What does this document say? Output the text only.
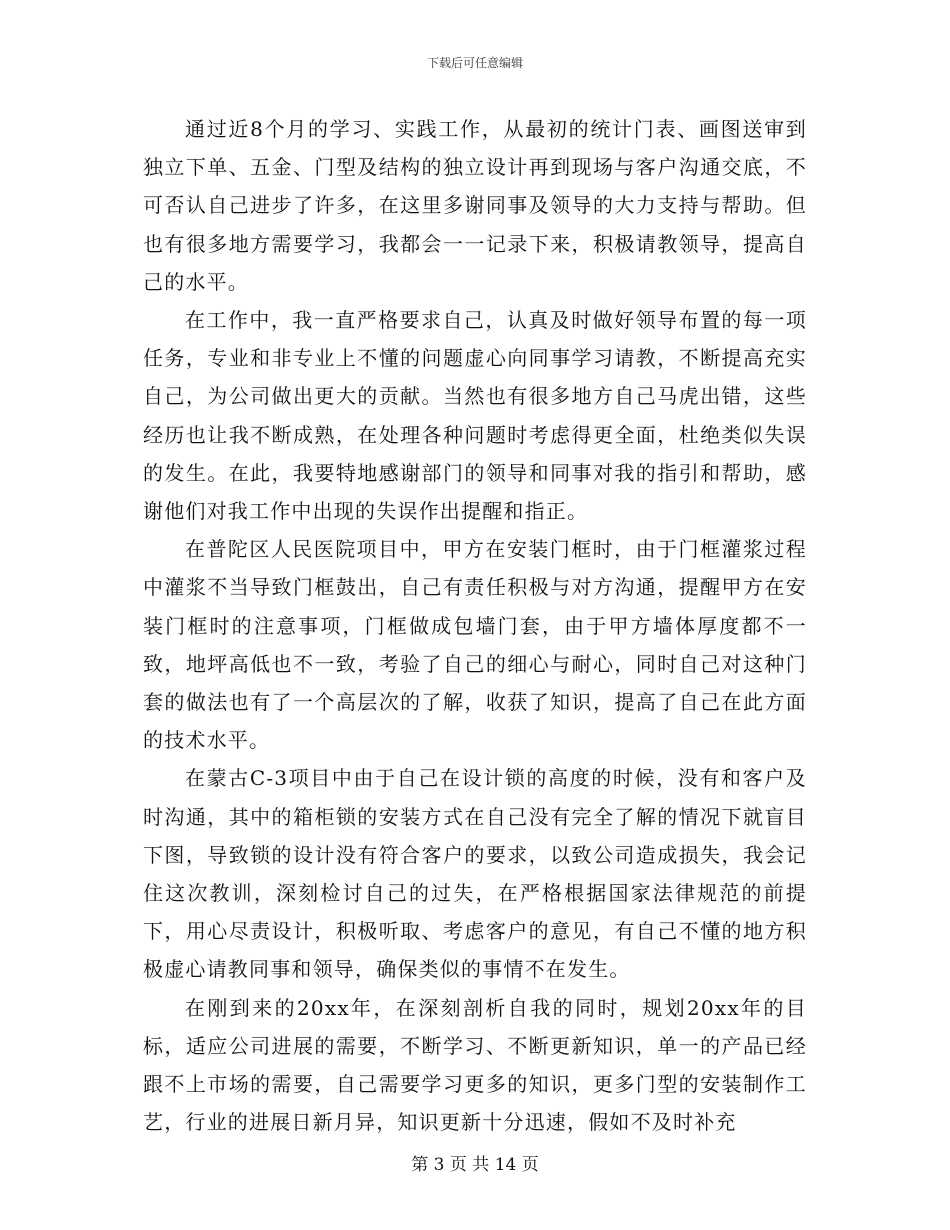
下载后可任意编辑

通过近8个月的学习、实践工作，从最初的统计门表、画图送审到独立下单、五金、门型及结构的独立设计再到现场与客户沟通交底，不可否认自己进步了许多，在这里多谢同事及领导的大力支持与帮助。但也有很多地方需要学习，我都会一一记录下来，积极请教领导，提高自己的水平。

在工作中，我一直严格要求自己，认真及时做好领导布置的每一项任务，专业和非专业上不懂的问题虚心向同事学习请教，不断提高充实自己，为公司做出更大的贡献。当然也有很多地方自己马虎出错，这些经历也让我不断成熟，在处理各种问题时考虑得更全面，杜绝类似失误的发生。在此，我要特地感谢部门的领导和同事对我的指引和帮助，感谢他们对我工作中出现的失误作出提醒和指正。

在普陀区人民医院项目中，甲方在安装门框时，由于门框灌浆过程中灌浆不当导致门框鼓出，自己有责任积极与对方沟通，提醒甲方在安装门框时的注意事项，门框做成包墙门套，由于甲方墙体厚度都不一致，地坪高低也不一致，考验了自己的细心与耐心，同时自己对这种门套的做法也有了一个高层次的了解，收获了知识，提高了自己在此方面的技术水平。

在蒙古C-3项目中由于自己在设计锁的高度的时候，没有和客户及时沟通，其中的箱柜锁的安装方式在自己没有完全了解的情况下就盲目下图，导致锁的设计没有符合客户的要求，以致公司造成损失，我会记住这次教训，深刻检讨自己的过失，在严格根据国家法律规范的前提下，用心尽责设计，积极听取、考虑客户的意见，有自己不懂的地方积极虚心请教同事和领导，确保类似的事情不在发生。

在刚到来的20xx年，在深刻剖析自我的同时，规划20xx年的目标，适应公司进展的需要，不断学习、不断更新知识，单一的产品已经跟不上市场的需要，自己需要学习更多的知识，更多门型的安装制作工艺，行业的进展日新月异，知识更新十分迅速，假如不及时补充

第 3 页 共 14 页
